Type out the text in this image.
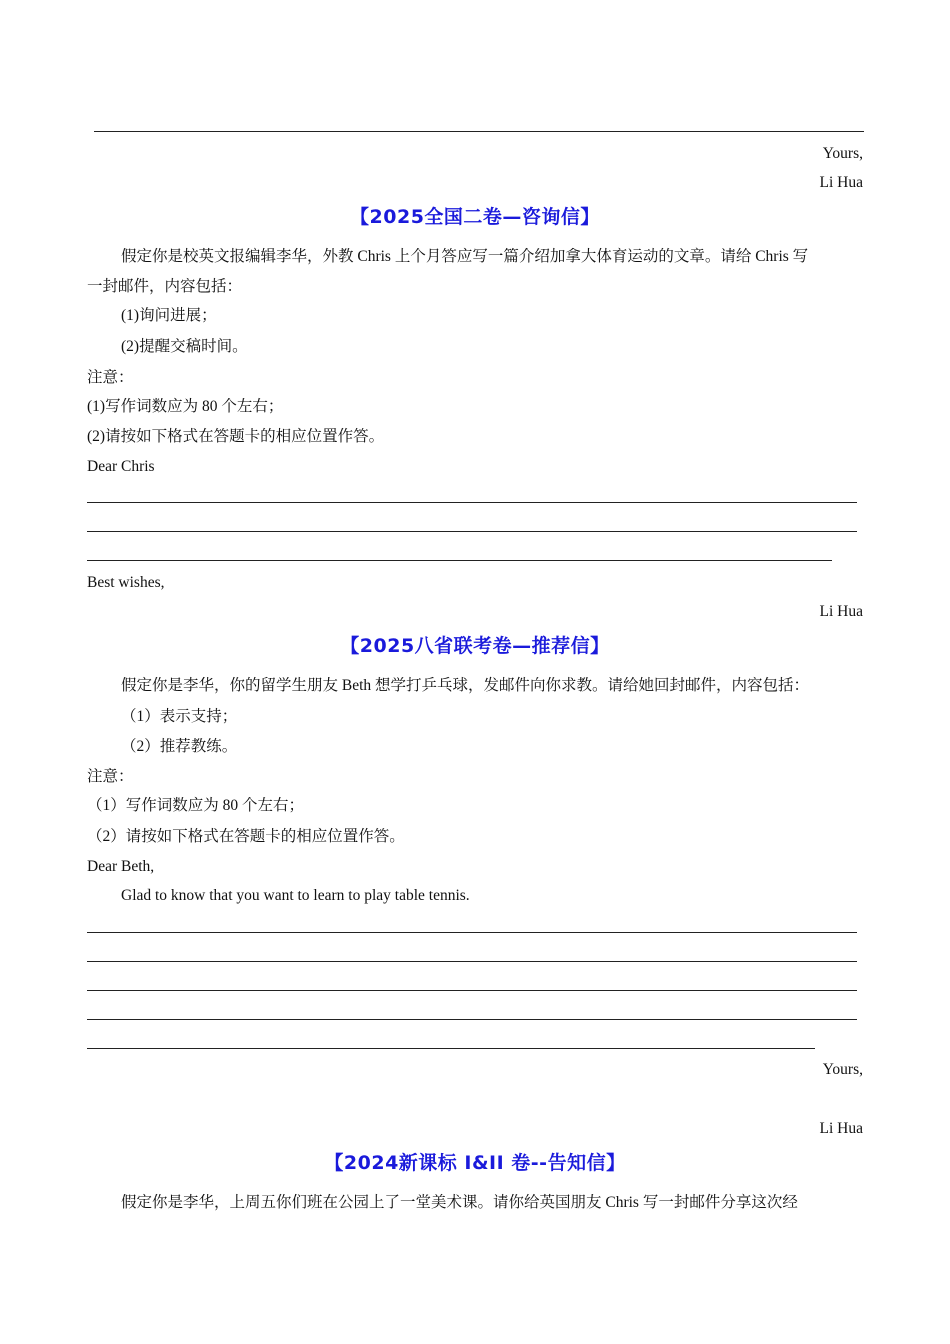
Yours,
Li Hua
【2025全国二卷—咨询信】
假定你是校英文报编辑李华，外教 Chris 上个月答应写一篇介绍加拿大体育运动的文章。请给 Chris 写
一封邮件，内容包括：
(1)询问进展；
(2)提醒交稿时间。
注意：
(1)写作词数应为 80 个左右；
(2)请按如下格式在答题卡的相应位置作答。
Dear Chris
Best wishes,
Li Hua
【2025八省联考卷—推荐信】
假定你是李华，你的留学生朋友 Beth 想学打乒乓球，发邮件向你求教。请给她回封邮件，内容包括：
（1）表示支持；
（2）推荐教练。
注意：
（1）写作词数应为 80 个左右；
（2）请按如下格式在答题卡的相应位置作答。
Dear Beth,
Glad to know that you want to learn to play table tennis.
Yours,
Li Hua
【2024新课标 I&II 卷--告知信】
假定你是李华，上周五你们班在公园上了一堂美术课。请你给英国朋友 Chris 写一封邮件分享这次经
